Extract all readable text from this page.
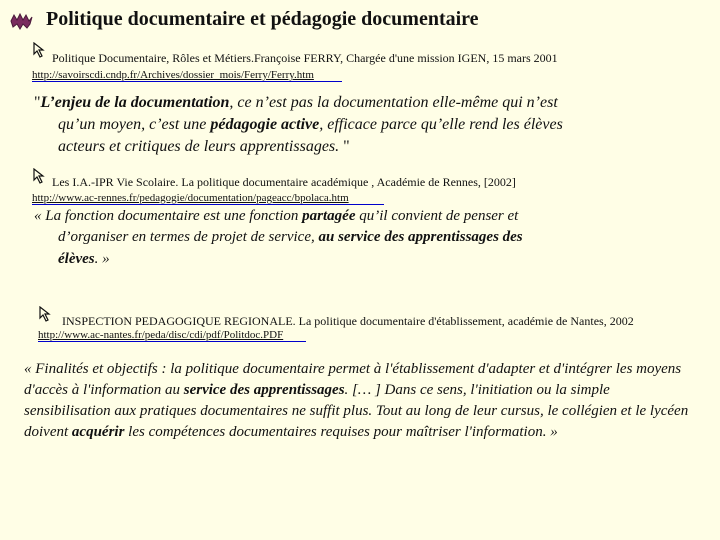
Politique documentaire et pédagogie documentaire
Politique Documentaire, Rôles et Métiers.Françoise FERRY, Chargée d'une mission IGEN, 15 mars 2001
http://savoirscdi.cndp.fr/Archives/dossier_mois/Ferry/Ferry.htm
"L’enjeu de la documentation, ce n’est pas la documentation elle-même qui n’est
qu’un moyen, c’est une pédagogie active, efficace parce qu’elle rend les élèves
acteurs et critiques de leurs apprentissages. "
Les I.A.-IPR Vie Scolaire. La politique documentaire académique , Académie de Rennes, [2002]
http://www.ac-rennes.fr/pedagogie/documentation/pageacc/bpolaca.htm
« La fonction documentaire est une fonction partagée qu’il convient de penser et
d’organiser en termes de projet de service, au service des apprentissages des
élèves. »
INSPECTION PEDAGOGIQUE REGIONALE. La politique documentaire d'établissement, académie de Nantes, 2002
http://www.ac-nantes.fr/peda/disc/cdi/pdf/Politdoc.PDF
« Finalités et objectifs : la politique documentaire permet à l'établissement d'adapter et d'intégrer les moyens d'accès à l'information au service des apprentissages. [… ] Dans ce sens, l'initiation ou la simple sensibilisation aux pratiques documentaires ne suffit plus. Tout au long de leur cursus, le collégien et le lycéen doivent acquérir les compétences documentaires requises pour maîtriser l'information. »
